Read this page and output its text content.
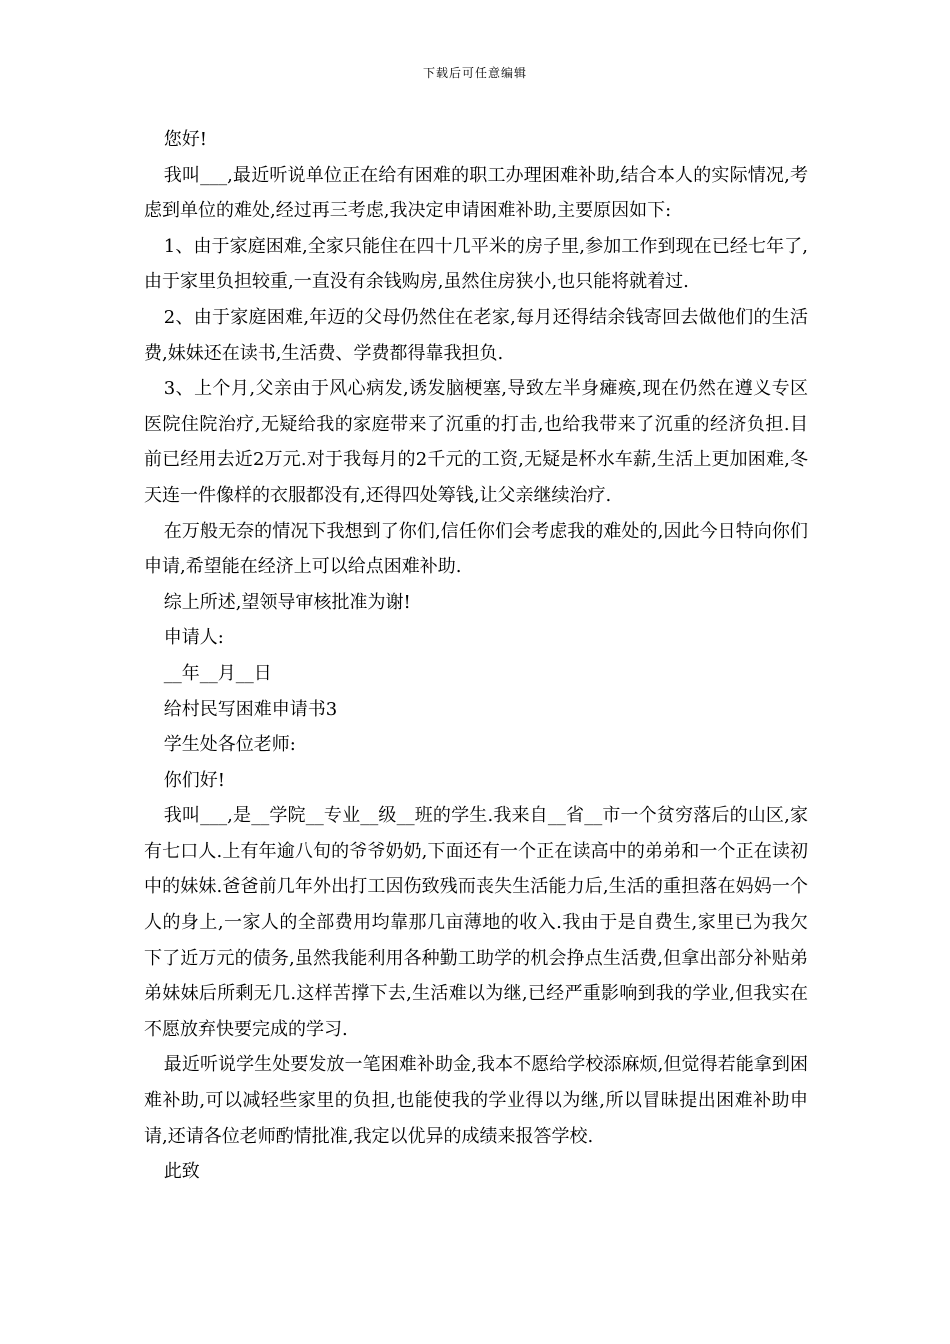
下载后可任意编辑

您好!

我叫___,最近听说单位正在给有困难的职工办理困难补助,结合本人的实际情况,考虑到单位的难处,经过再三考虑,我决定申请困难补助,主要原因如下:

1、由于家庭困难,全家只能住在四十几平米的房子里,参加工作到现在已经七年了,由于家里负担较重,一直没有余钱购房,虽然住房狭小,也只能将就着过.

2、由于家庭困难,年迈的父母仍然住在老家,每月还得结余钱寄回去做他们的生活费,妹妹还在读书,生活费、学费都得靠我担负.

3、上个月,父亲由于风心病发,诱发脑梗塞,导致左半身瘫痪,现在仍然在遵义专区医院住院治疗,无疑给我的家庭带来了沉重的打击,也给我带来了沉重的经济负担.目前已经用去近2万元.对于我每月的2千元的工资,无疑是杯水车薪,生活上更加困难,冬天连一件像样的衣服都没有,还得四处筹钱,让父亲继续治疗.

在万般无奈的情况下我想到了你们,信任你们会考虑我的难处的,因此今日特向你们申请,希望能在经济上可以给点困难补助.

综上所述,望领导审核批准为谢!

申请人:

__年__月__日

给村民写困难申请书3

学生处各位老师:

你们好!

我叫___,是__学院__专业__级__班的学生.我来自__省__市一个贫穷落后的山区,家有七口人.上有年逾八旬的爷爷奶奶,下面还有一个正在读高中的弟弟和一个正在读初中的妹妹.爸爸前几年外出打工因伤致残而丧失生活能力后,生活的重担落在妈妈一个人的身上,一家人的全部费用均靠那几亩薄地的收入.我由于是自费生,家里已为我欠下了近万元的债务,虽然我能利用各种勤工助学的机会挣点生活费,但拿出部分补贴弟弟妹妹后所剩无几.这样苦撑下去,生活难以为继,已经严重影响到我的学业,但我实在不愿放弃快要完成的学习.

最近听说学生处要发放一笔困难补助金,我本不愿给学校添麻烦,但觉得若能拿到困难补助,可以减轻些家里的负担,也能使我的学业得以为继,所以冒昧提出困难补助申请,还请各位老师酌情批准,我定以优异的成绩来报答学校.

此致
